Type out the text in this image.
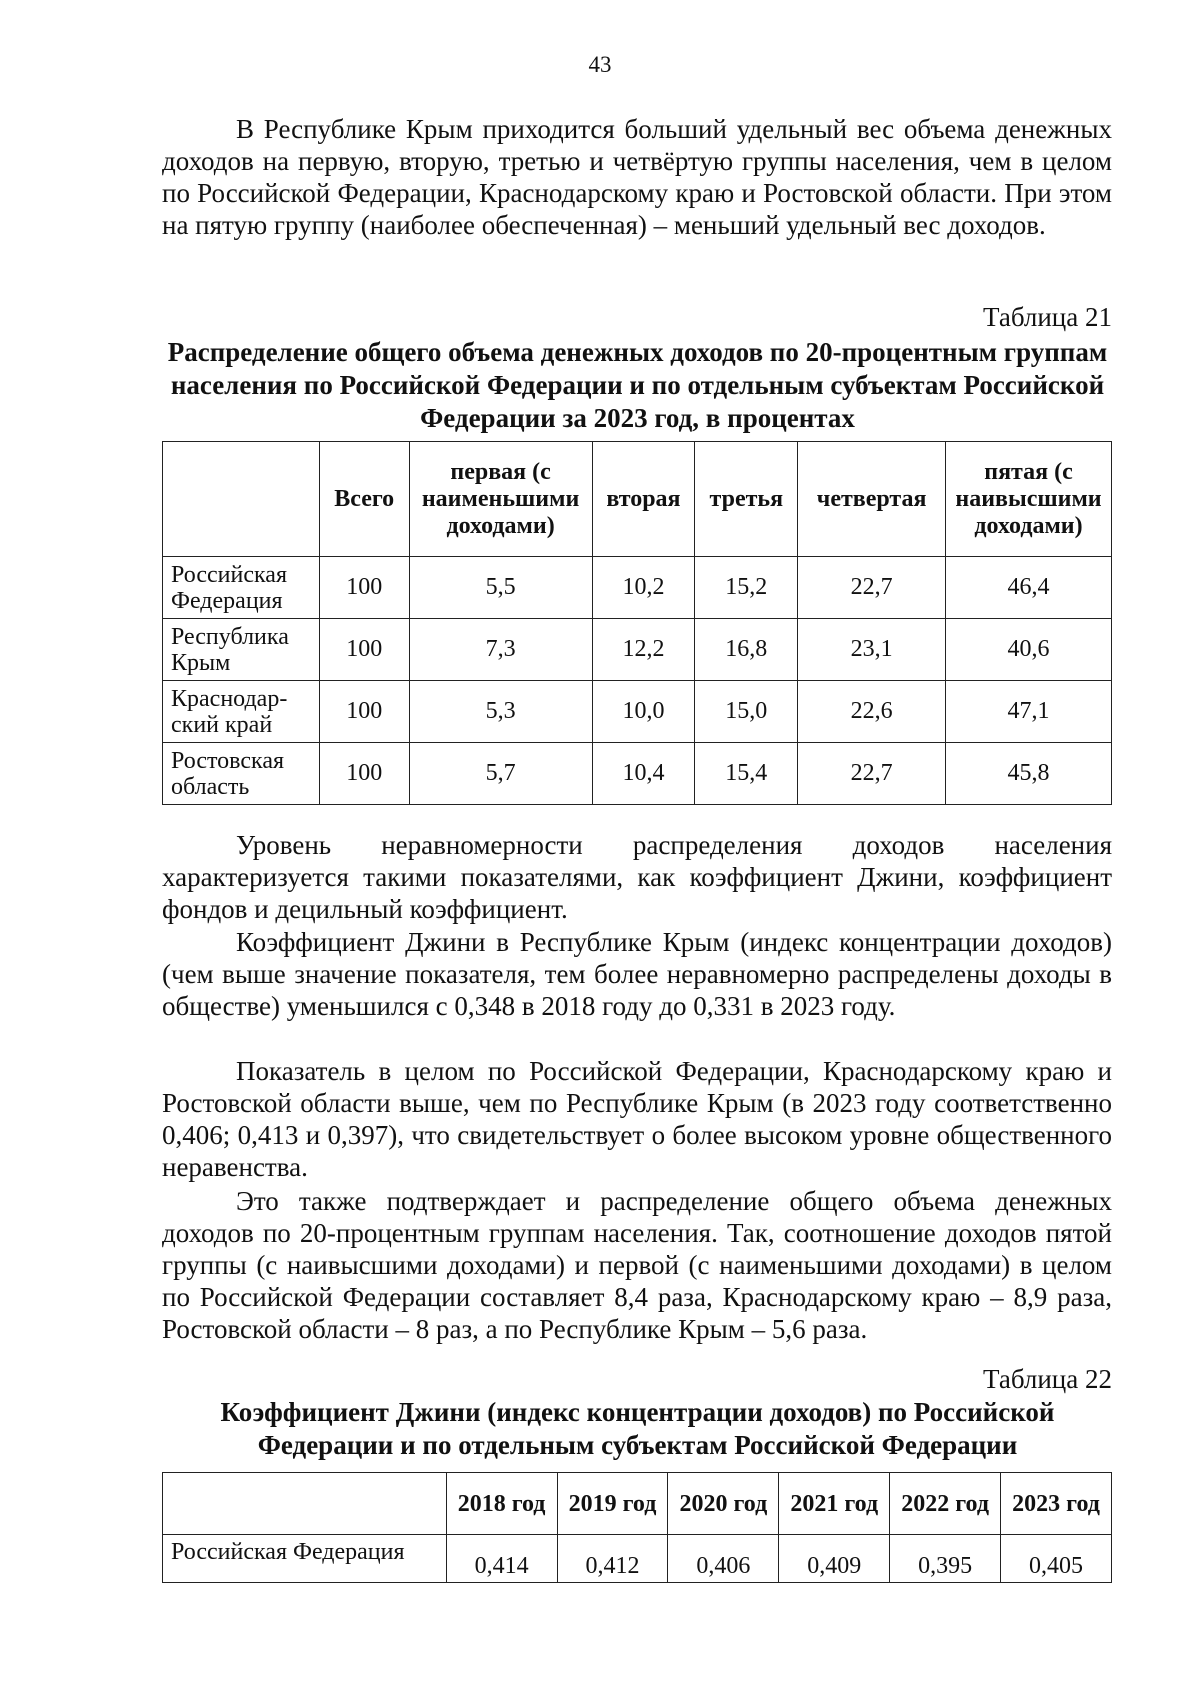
43

В Республике Крым приходится больший удельный вес объема денежных доходов на первую, вторую, третью и четвёртую группы населения, чем в целом по Российской Федерации, Краснодарскому краю и Ростовской области. При этом на пятую группу (наиболее обеспеченная) – меньший удельный вес доходов.

Таблица 21

Распределение общего объема денежных доходов по 20-процентным группам населения по Российской Федерации и по отдельным субъектам Российской Федерации за 2023 год, в процентах

	Всего	первая (с наименьшими доходами)	вторая	третья	четвертая	пятая (с наивысшими доходами)
Российская Федерация	100	5,5	10,2	15,2	22,7	46,4
Республика Крым	100	7,3	12,2	16,8	23,1	40,6
Краснодар-ский край	100	5,3	10,0	15,0	22,6	47,1
Ростовская область	100	5,7	10,4	15,4	22,7	45,8

Уровень неравномерности распределения доходов населения характеризуется такими показателями, как коэффициент Джини, коэффициент фондов и децильный коэффициент.

Коэффициент Джини в Республике Крым (индекс концентрации доходов) (чем выше значение показателя, тем более неравномерно распределены доходы в обществе) уменьшился с 0,348 в 2018 году до 0,331 в 2023 году.

Показатель в целом по Российской Федерации, Краснодарскому краю и Ростовской области выше, чем по Республике Крым (в 2023 году соответственно 0,406; 0,413 и 0,397), что свидетельствует о более высоком уровне общественного неравенства.

Это также подтверждает и распределение общего объема денежных доходов по 20-процентным группам населения. Так, соотношение доходов пятой группы (с наивысшими доходами) и первой (с наименьшими доходами) в целом по Российской Федерации составляет 8,4 раза, Краснодарскому краю – 8,9 раза, Ростовской области – 8 раз, а по Республике Крым – 5,6 раза.

Таблица 22

Коэффициент Джини (индекс концентрации доходов) по Российской Федерации и по отдельным субъектам Российской Федерации

	2018 год	2019 год	2020 год	2021 год	2022 год	2023 год
Российская Федерация	0,414	0,412	0,406	0,409	0,395	0,405
